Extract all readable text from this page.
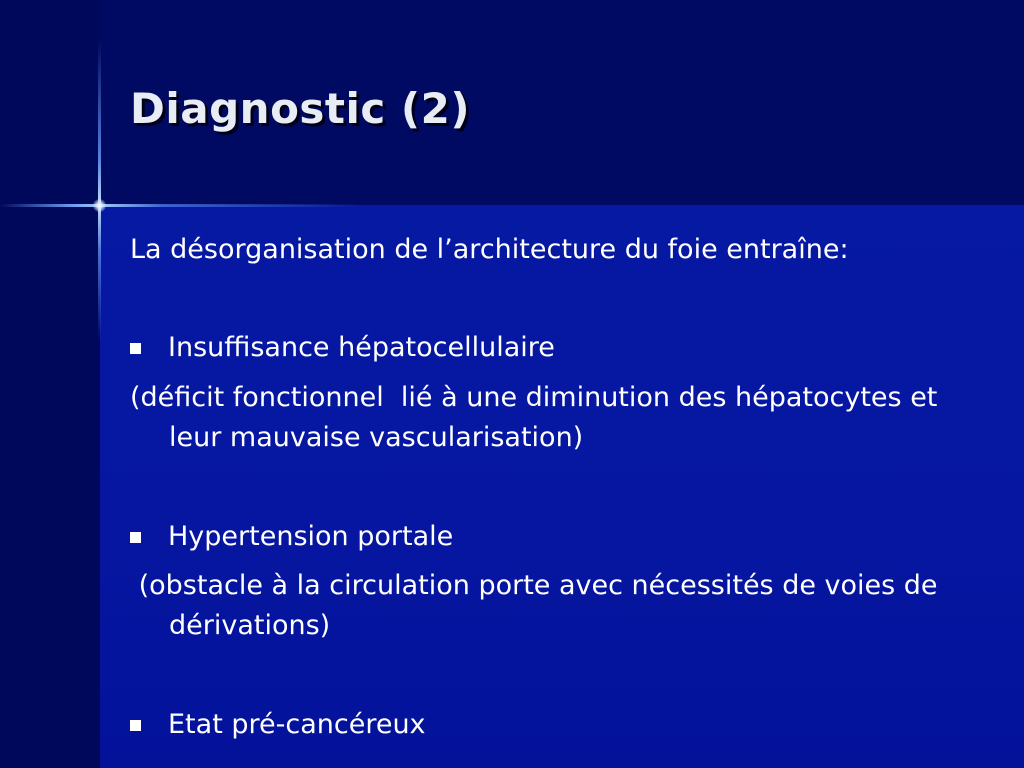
Diagnostic (2)

La désorganisation de l’architecture du foie entraîne:

Insuffisance hépatocellulaire

(déficit fonctionnel  lié à une diminution des hépatocytes et leur mauvaise vascularisation)

Hypertension portale

(obstacle à la circulation porte avec nécessités de voies de dérivations)

Etat pré-cancéreux
